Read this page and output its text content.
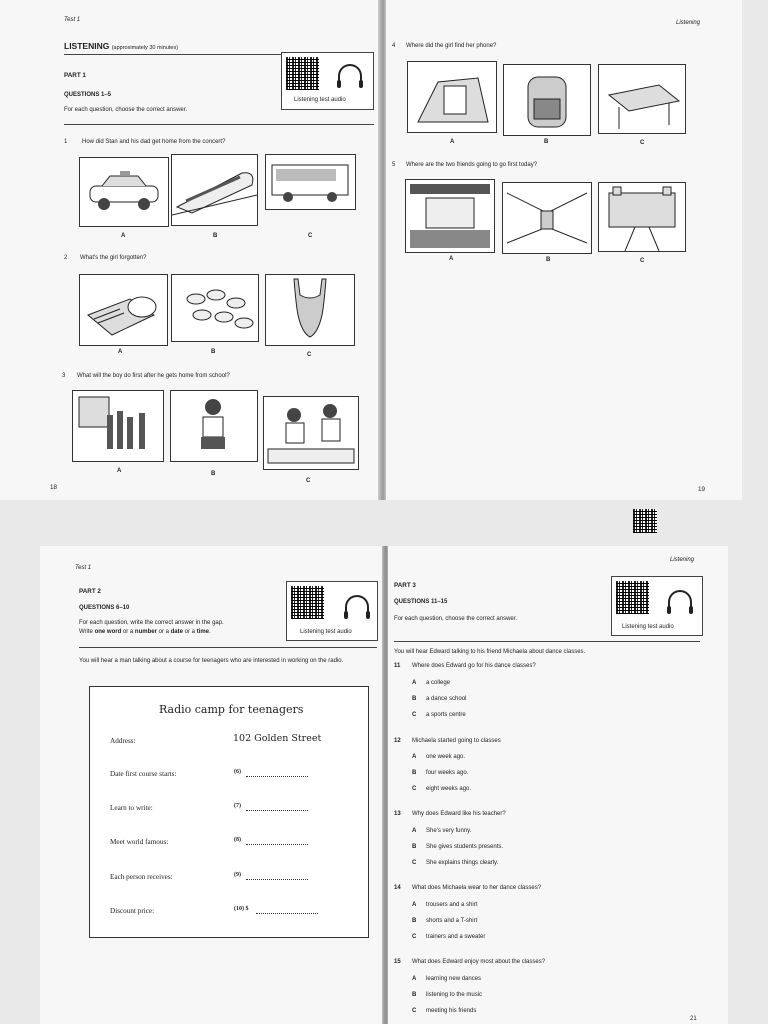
Test 1
LISTENING (approximately 30 minutes)
PART 1
QUESTIONS 1–5
For each question, choose the correct answer.
Listening test audio
1 How did Stan and his dad get home from the concert?
A	B	C
2 What's the girl forgotten?
A	B	C
3 What will the boy do first after he gets home from school?
A	B
C
18
Listening
4 Where did the girl find her phone?
A	B	C
5 Where are the two friends going to go first today?
A	B	C
19
Test 1
PART 2
QUESTIONS 6–10
For each question, write the correct answer in the gap.
Write one word or a number or a date or a time.	Listening test audio
You will hear a man talking about a course for teenagers who are interested in working on the radio.
Radio camp for teenagers
Address:	102 Golden Street
Date first course starts:	(6)
Learn to write:	(7)
Meet world famous:	(8)
Each person receives:	(9)
Discount price:	(10) $
Listening
PART 3
QUESTIONS 11–15
For each question, choose the correct answer.
Listening test audio
You will hear Edward talking to his friend Michaela about dance classes.
11 Where does Edward go for his dance classes?
A a college
B a dance school
C a sports centre
12 Michaela started going to classes
A one week ago.
B four weeks ago.
C eight weeks ago.
13 Why does Edward like his teacher?
A She's very funny.
B She gives students presents.
C She explains things clearly.
14 What does Michaela wear to her dance classes?
A trousers and a shirt
B shorts and a T-shirt
C trainers and a sweater
15 What does Edward enjoy most about the classes?
A learning new dances
B listening to the music
C meeting his friends
21
